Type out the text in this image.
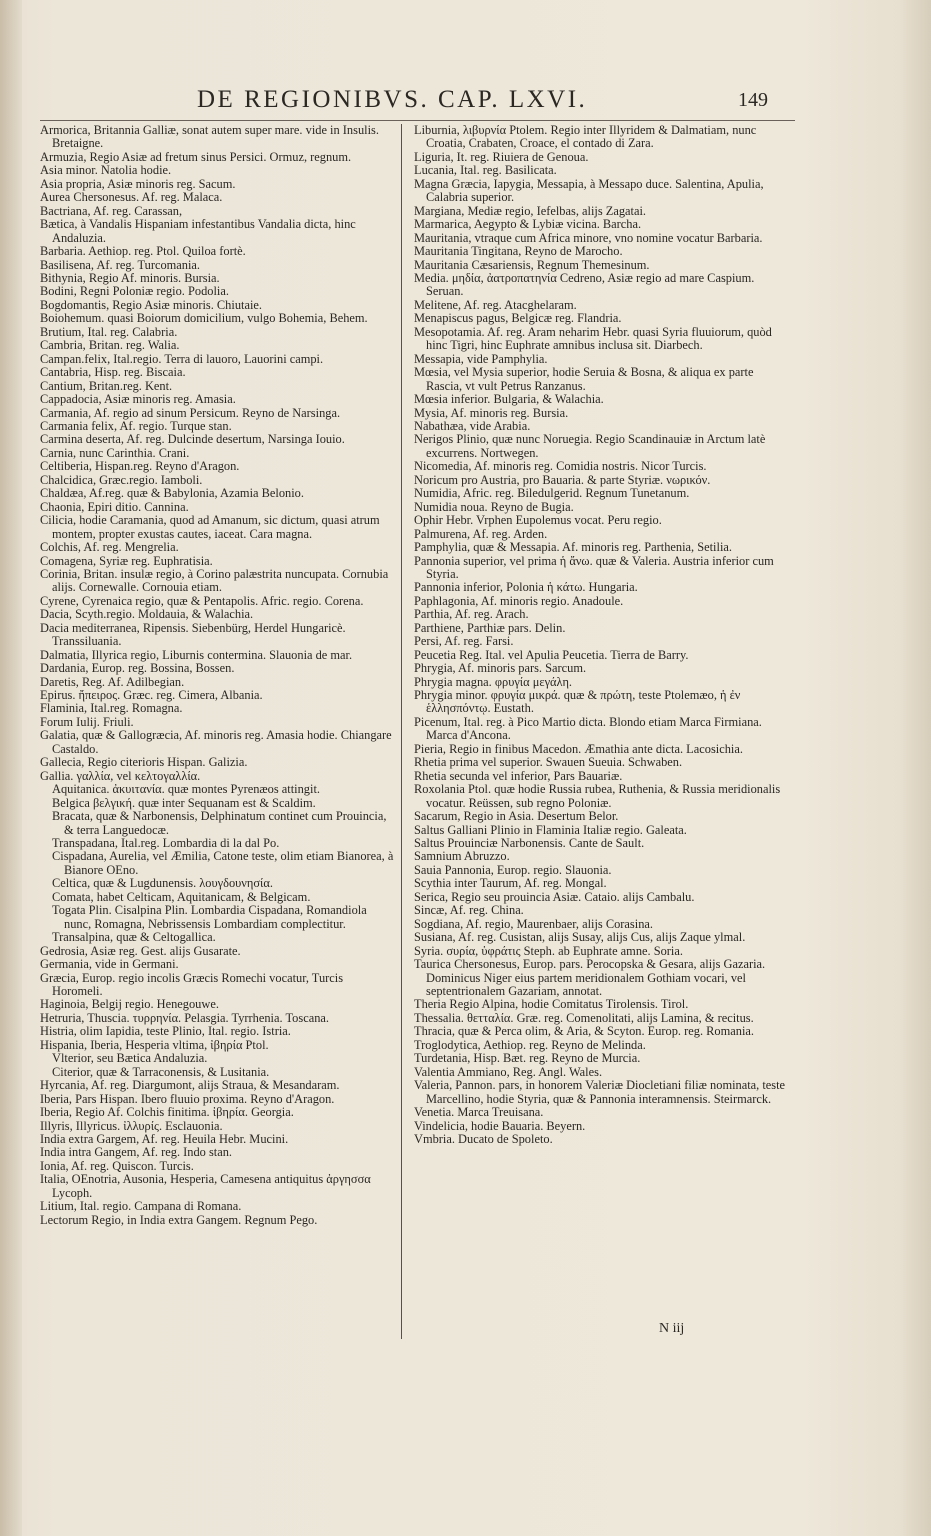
DE REGIONIBVS. CAP. LXVI.	149

Armorica, Britannia Galliæ, sonat autem super mare. vide in Insulis. Bretaigne.

Armuzia, Regio Asiæ ad fretum sinus Persici. Ormuz, regnum.

Asia minor. Natolia hodie.

Asia propria, Asiæ minoris reg. Sacum.

Aurea Chersonesus. Af. reg. Malaca.

Bactriana, Af. reg. Carassan,

Bætica, à Vandalis Hispaniam infestantibus Vandalia dicta, hinc Andaluzia.

Barbaria. Aethiop. reg. Ptol. Quiloa fortè.

Basilisena, Af. reg. Turcomania.

Bithynia, Regio Af. minoris. Bursia.

Bodini, Regni Poloniæ regio. Podolia.

Bogdomantis, Regio Asiæ minoris. Chiutaie.

Boiohemum. quasi Boiorum domicilium, vulgo Bohemia, Behem.

Brutium, Ital. reg. Calabria.

Cambria, Britan. reg. Walia.

Campan.felix, Ital.regio. Terra di lauoro, Lauorini campi.

Cantabria, Hisp. reg. Biscaia.

Cantium, Britan.reg. Kent.

Cappadocia, Asiæ minoris reg. Amasia.

Carmania, Af. regio ad sinum Persicum. Reyno de Narsinga.

Carmania felix, Af. regio. Turque stan.

Carmina deserta, Af. reg. Dulcinde desertum, Narsinga Iouio.

Carnia, nunc Carinthia. Crani.

Celtiberia, Hispan.reg. Reyno d'Aragon.

Chalcidica, Græc.regio. Iamboli.

Chaldæa, Af.reg. quæ & Babylonia, Azamia Belonio.

Chaonia, Epiri ditio. Cannina.

Cilicia, hodie Caramania, quod ad Amanum, sic dictum, quasi atrum montem, propter exustas cautes, iaceat. Cara magna.

Colchis, Af. reg. Mengrelia.

Comagena, Syriæ reg. Euphratisia.

Corinia, Britan. insulæ regio, à Corino palæstrita nuncupata. Cornubia alijs. Cornewalle. Cornouia etiam.

Cyrene, Cyrenaica regio, quæ & Pentapolis. Afric. regio. Corena.

Dacia, Scyth.regio. Moldauia, & Walachia.

Dacia mediterranea, Ripensis. Siebenbürg, Herdel Hungaricè. Transsiluania.

Dalmatia, Illyrica regio, Liburnis contermina. Slauonia de mar.

Dardania, Europ. reg. Bossina, Bossen.

Daretis, Reg. Af. Adilbegian.

Epirus. ἤπειρος. Græc. reg. Cimera, Albania.

Flaminia, Ital.reg. Romagna.

Forum Iulij. Friuli.

Galatia, quæ & Gallogræcia, Af. minoris reg. Amasia hodie. Chiangare Castaldo.

Gallecia, Regio citerioris Hispan. Galizia.

Gallia. γαλλία, vel κελτογαλλία.

Aquitanica. ἀκυιτανία. quæ montes Pyrenæos attingit.

Belgica βελγική. quæ inter Sequanam est & Scaldim.

Bracata, quæ & Narbonensis, Delphinatum continet cum Prouincia, & terra Languedocæ.

Transpadana, Ital.reg. Lombardia di la dal Po.

Cispadana, Aurelia, vel Æmilia, Catone teste, olim etiam Bianorea, à Bianore OEno.

Celtica, quæ & Lugdunensis. λουγδουνησία.

Comata, habet Celticam, Aquitanicam, & Belgicam.

Togata Plin. Cisalpina Plin. Lombardia Cispadana, Romandiola nunc, Romagna, Nebrissensis Lombardiam complectitur.

Transalpina, quæ & Celtogallica.

Gedrosia, Asiæ reg. Gest. alijs Gusarate.

Germania, vide in Germani.

Græcia, Europ. regio incolis Græcis Romechi vocatur, Turcis Horomeli.

Haginoia, Belgij regio. Henegouwe.

Hetruria, Thuscia. τυρρηνία. Pelasgia. Tyrrhenia. Toscana.

Histria, olim Iapidia, teste Plinio, Ital. regio. Istria.

Hispania, Iberia, Hesperia vltima, ἰβηρία Ptol.

Vlterior, seu Bætica Andaluzia.

Citerior, quæ & Tarraconensis, & Lusitania.

Hyrcania, Af. reg. Diargumont, alijs Straua, & Mesandaram.

Iberia, Pars Hispan. Ibero fluuio proxima. Reyno d'Aragon.

Iberia, Regio Af. Colchis finitima. ἰβηρία. Georgia.

Illyris, Illyricus. ἰλλυρίς. Esclauonia.

India extra Gargem, Af. reg. Heuila Hebr. Mucini.

India intra Gangem, Af. reg. Indo stan.

Ionia, Af. reg. Quiscon. Turcis.

Italia, OEnotria, Ausonia, Hesperia, Camesena antiquitus ἀργησσα Lycoph.

Litium, Ital. regio. Campana di Romana.

Lectorum Regio, in India extra Gangem. Regnum Pego.

Liburnia, λιβυρνία Ptolem. Regio inter Illyridem & Dalmatiam, nunc Croatia, Crabaten, Croace, el contado di Zara.

Liguria, It. reg. Riuiera de Genoua.

Lucania, Ital. reg. Basilicata.

Magna Græcia, Iapygia, Messapia, à Messapo duce. Salentina, Apulia, Calabria superior.

Margiana, Mediæ regio, Iefelbas, alijs Zagatai.

Marmarica, Aegypto & Lybiæ vicina. Barcha.

Mauritania, vtraque cum Africa minore, vno nomine vocatur Barbaria.

Mauritania Tingitana, Reyno de Marocho.

Mauritania Cæsariensis, Regnum Themesinum.

Media. μηδία, ἀατροπατηνία Cedreno, Asiæ regio ad mare Caspium. Seruan.

Melitene, Af. reg. Atacghelaram.

Menapiscus pagus, Belgicæ reg. Flandria.

Mesopotamia. Af. reg. Aram neharim Hebr. quasi Syria fluuiorum, quòd hinc Tigri, hinc Euphrate amnibus inclusa sit. Diarbech.

Messapia, vide Pamphylia.

Mœsia, vel Mysia superior, hodie Seruia & Bosna, & aliqua ex parte Rascia, vt vult Petrus Ranzanus.

Mœsia inferior. Bulgaria, & Walachia.

Mysia, Af. minoris reg. Bursia.

Nabathæa, vide Arabia.

Nerigos Plinio, quæ nunc Noruegia. Regio Scandinauiæ in Arctum latè excurrens. Nortwegen.

Nicomedia, Af. minoris reg. Comidia nostris. Nicor Turcis.

Noricum pro Austria, pro Bauaria. & parte Styriæ. νωρικόν.

Numidia, Afric. reg. Biledulgerid. Regnum Tunetanum.

Numidia noua. Reyno de Bugia.

Ophir Hebr. Vrphen Eupolemus vocat. Peru regio.

Palmurena, Af. reg. Arden.

Pamphylia, quæ & Messapia. Af. minoris reg. Parthenia, Setilia.

Pannonia superior, vel prima ἡ ἄνω. quæ & Valeria. Austria inferior cum Styria.

Pannonia inferior, Polonia ἡ κάτω. Hungaria.

Paphlagonia, Af. minoris regio. Anadoule.

Parthia, Af. reg. Arach.

Parthiene, Parthiæ pars. Delin.

Persi, Af. reg. Farsi.

Peucetia Reg. Ital. vel Apulia Peucetia. Tierra de Barry.

Phrygia, Af. minoris pars. Sarcum.

Phrygia magna. φρυγία μεγάλη.

Phrygia minor. φρυγία μικρά. quæ & πρώτη, teste Ptolemæo, ἡ ἐν ἑλλησπόντῳ. Eustath.

Picenum, Ital. reg. à Pico Martio dicta. Blondo etiam Marca Firmiana. Marca d'Ancona.

Pieria, Regio in finibus Macedon. Æmathia ante dicta. Lacosichia.

Rhetia prima vel superior. Swauen Sueuia. Schwaben.

Rhetia secunda vel inferior, Pars Bauariæ.

Roxolania Ptol. quæ hodie Russia rubea, Ruthenia, & Russia meridionalis vocatur. Reüssen, sub regno Poloniæ.

Sacarum, Regio in Asia. Desertum Belor.

Saltus Galliani Plinio in Flaminia Italiæ regio. Galeata.

Saltus Prouinciæ Narbonensis. Cante de Sault.

Samnium Abruzzo.

Sauia Pannonia, Europ. regio. Slauonia.

Scythia inter Taurum, Af. reg. Mongal.

Serica, Regio seu prouincia Asiæ. Cataio. alijs Cambalu.

Sincæ, Af. reg. China.

Sogdiana, Af. regio, Maurenbaer, alijs Corasina.

Susiana, Af. reg. Cusistan, alijs Susay, alijs Cus, alijs Zaque ylmal.

Syria. συρία, ὑφράτις Steph. ab Euphrate amne. Soria.

Taurica Chersonesus, Europ. pars. Perocopska & Gesara, alijs Gazaria. Dominicus Niger eius partem meridionalem Gothiam vocari, vel septentrionalem Gazariam, annotat.

Theria Regio Alpina, hodie Comitatus Tirolensis. Tirol.

Thessalia. θετταλία. Græ. reg. Comenolitati, alijs Lamina, & recitus.

Thracia, quæ & Perca olim, & Aria, & Scyton. Europ. reg. Romania.

Troglodytica, Aethiop. reg. Reyno de Melinda.

Turdetania, Hisp. Bæt. reg. Reyno de Murcia.

Valentia Ammiano, Reg. Angl. Wales.

Valeria, Pannon. pars, in honorem Valeriæ Diocletiani filiæ nominata, teste Marcellino, hodie Styria, quæ & Pannonia interamnensis. Steirmarck.

Venetia. Marca Treuisana.

Vindelicia, hodie Bauaria. Beyern.

Vmbria. Ducato de Spoleto.

N iij
